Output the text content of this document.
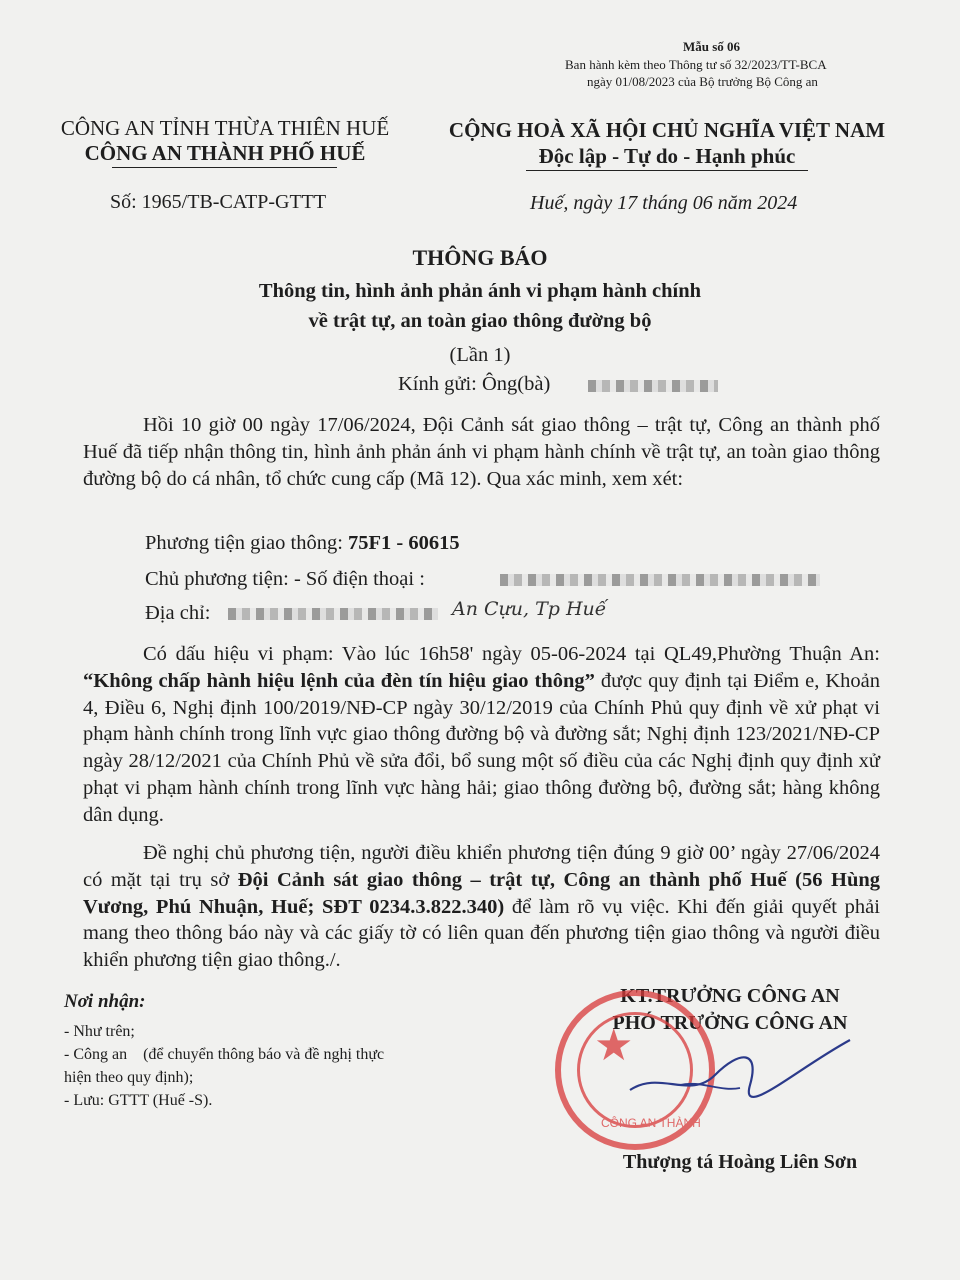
Mẫu số 06
Ban hành kèm theo Thông tư số 32/2023/TT-BCA
ngày 01/08/2023 của Bộ trưởng Bộ Công an
CÔNG AN TỈNH THỪA THIÊN HUẾ
CÔNG AN THÀNH PHỐ HUẾ
Số: 1965/TB-CATP-GTTT
CỘNG HOÀ XÃ HỘI CHỦ NGHĨA VIỆT NAM
Độc lập - Tự do - Hạnh phúc
Huế, ngày 17 tháng 06 năm 2024
THÔNG BÁO
Thông tin, hình ảnh phản ánh vi phạm hành chính
về trật tự, an toàn giao thông đường bộ
(Lần 1)
Kính gửi: Ông(bà)
Hồi 10 giờ 00 ngày 17/06/2024, Đội Cảnh sát giao thông – trật tự, Công an thành phố Huế đã tiếp nhận thông tin, hình ảnh phản ánh vi phạm hành chính về trật tự, an toàn giao thông đường bộ do cá nhân, tổ chức cung cấp (Mã 12). Qua xác minh, xem xét:
Phương tiện giao thông: 75F1 - 60615
Chủ phương tiện: - Số điện thoại :
Địa chỉ:	An Cựu, Tp Huế
Có dấu hiệu vi phạm: Vào lúc 16h58' ngày 05-06-2024 tại QL49,Phường Thuận An: “Không chấp hành hiệu lệnh của đèn tín hiệu giao thông” được quy định tại Điểm e, Khoản 4, Điều 6, Nghị định 100/2019/NĐ-CP ngày 30/12/2019 của Chính Phủ quy định về xử phạt vi phạm hành chính trong lĩnh vực giao thông đường bộ và đường sắt; Nghị định 123/2021/NĐ-CP ngày 28/12/2021 của Chính Phủ về sửa đổi, bổ sung một số điều của các Nghị định quy định xử phạt vi phạm hành chính trong lĩnh vực hàng hải; giao thông đường bộ, đường sắt; hàng không dân dụng.
Đề nghị chủ phương tiện, người điều khiển phương tiện đúng 9 giờ 00’ ngày 27/06/2024 có mặt tại trụ sở Đội Cảnh sát giao thông – trật tự, Công an thành phố Huế (56 Hùng Vương, Phú Nhuận, Huế; SĐT 0234.3.822.340) để làm rõ vụ việc. Khi đến giải quyết phải mang theo thông báo này và các giấy tờ có liên quan đến phương tiện giao thông và người điều khiển phương tiện giao thông./.
Nơi nhận:
- Như trên;
- Công an    (để chuyển thông báo và đề nghị thực
hiện theo quy định);
- Lưu: GTTT (Huế -S).
KT.TRƯỞNG CÔNG AN
PHÓ TRƯỞNG CÔNG AN
★
CÔNG AN THÀNH
Thượng tá Hoàng Liên Sơn
